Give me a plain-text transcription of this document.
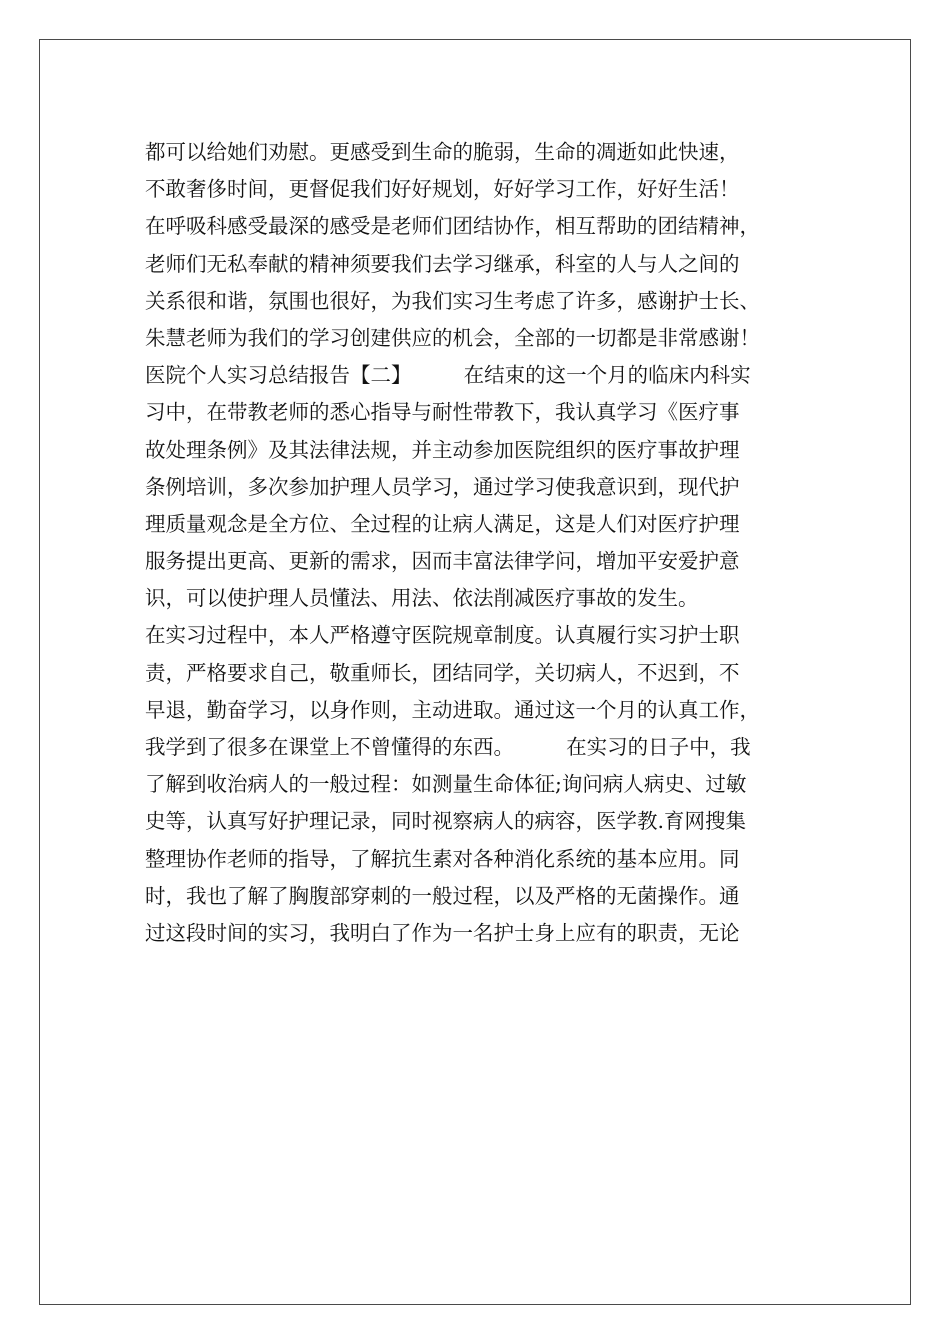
都可以给她们劝慰。更感受到生命的脆弱，生命的凋逝如此快速，
不敢奢侈时间，更督促我们好好规划，好好学习工作，好好生活！
在呼吸科感受最深的感受是老师们团结协作，相互帮助的团结精神，
老师们无私奉献的精神须要我们去学习继承，科室的人与人之间的
关系很和谐，氛围也很好，为我们实习生考虑了许多，感谢护士长、
朱慧老师为我们的学习创建供应的机会，全部的一切都是非常感谢！
医院个人实习总结报告【二】        在结束的这一个月的临床内科实
习中，在带教老师的悉心指导与耐性带教下，我认真学习《医疗事
故处理条例》及其法律法规，并主动参加医院组织的医疗事故护理
条例培训，多次参加护理人员学习，通过学习使我意识到，现代护
理质量观念是全方位、全过程的让病人满足，这是人们对医疗护理
服务提出更高、更新的需求，因而丰富法律学问，增加平安爱护意
识，可以使护理人员懂法、用法、依法削减医疗事故的发生。
在实习过程中，本人严格遵守医院规章制度。认真履行实习护士职
责，严格要求自己，敬重师长，团结同学，关切病人，不迟到，不
早退，勤奋学习，以身作则，主动进取。通过这一个月的认真工作，
我学到了很多在课堂上不曾懂得的东西。        在实习的日子中，我
了解到收治病人的一般过程：如测量生命体征;询问病人病史、过敏
史等，认真写好护理记录，同时视察病人的病容，医学教.育网搜集
整理协作老师的指导，了解抗生素对各种消化系统的基本应用。同
时，我也了解了胸腹部穿刺的一般过程，以及严格的无菌操作。通
过这段时间的实习，我明白了作为一名护士身上应有的职责，无论
